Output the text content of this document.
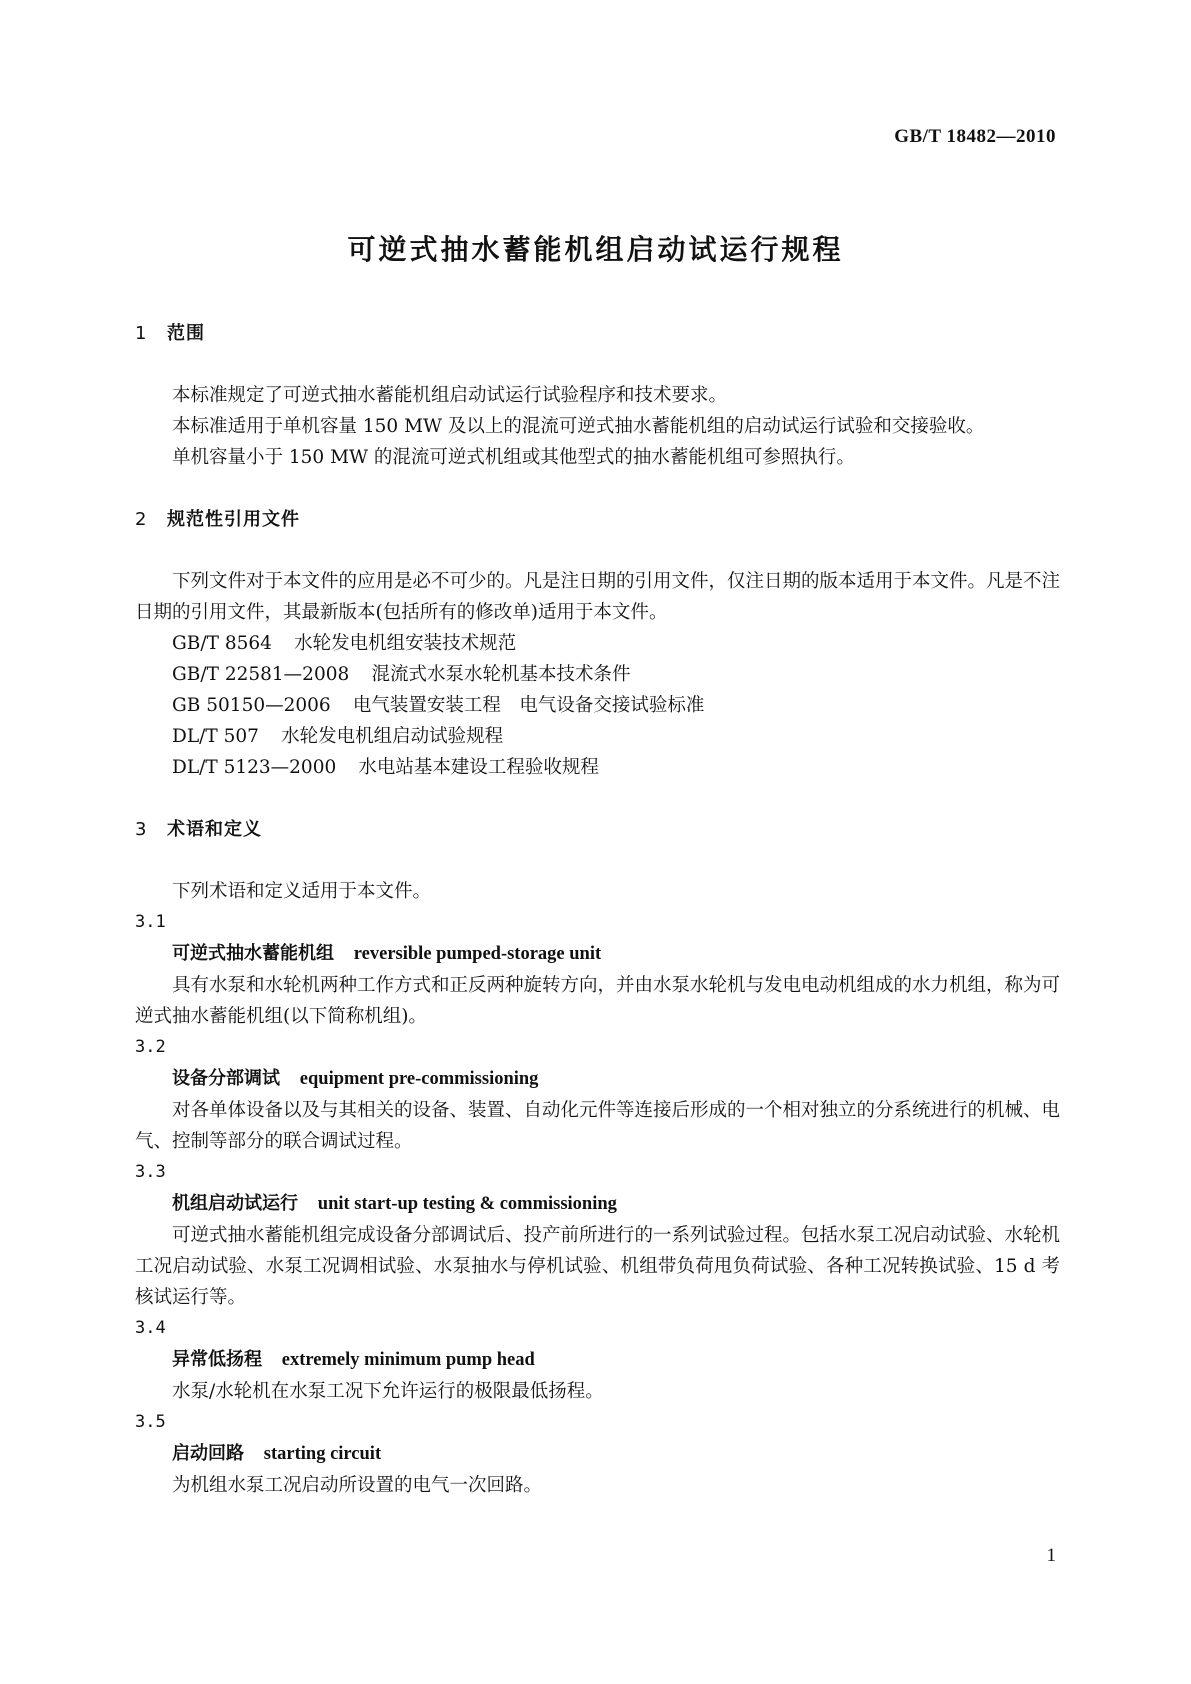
GB/T 18482—2010
可逆式抽水蓄能机组启动试运行规程
1 范围

本标准规定了可逆式抽水蓄能机组启动试运行试验程序和技术要求。

本标准适用于单机容量 150 MW 及以上的混流可逆式抽水蓄能机组的启动试运行试验和交接验收。

单机容量小于 150 MW 的混流可逆式机组或其他型式的抽水蓄能机组可参照执行。

2 规范性引用文件

下列文件对于本文件的应用是必不可少的。凡是注日期的引用文件，仅注日期的版本适用于本文件。凡是不注日期的引用文件，其最新版本(包括所有的修改单)适用于本文件。

GB/T 8564 水轮发电机组安装技术规范

GB/T 22581—2008 混流式水泵水轮机基本技术条件

GB 50150—2006 电气装置安装工程　电气设备交接试验标准

DL/T 507 水轮发电机组启动试验规程

DL/T 5123—2000 水电站基本建设工程验收规程

3 术语和定义

下列术语和定义适用于本文件。

3.1

可逆式抽水蓄能机组 reversible pumped-storage unit

具有水泵和水轮机两种工作方式和正反两种旋转方向，并由水泵水轮机与发电电动机组成的水力机组，称为可逆式抽水蓄能机组(以下简称机组)。

3.2

设备分部调试 equipment pre-commissioning

对各单体设备以及与其相关的设备、装置、自动化元件等连接后形成的一个相对独立的分系统进行的机械、电气、控制等部分的联合调试过程。

3.3

机组启动试运行 unit start-up testing & commissioning

可逆式抽水蓄能机组完成设备分部调试后、投产前所进行的一系列试验过程。包括水泵工况启动试验、水轮机工况启动试验、水泵工况调相试验、水泵抽水与停机试验、机组带负荷甩负荷试验、各种工况转换试验、15 d 考核试运行等。

3.4

异常低扬程 extremely minimum pump head

水泵/水轮机在水泵工况下允许运行的极限最低扬程。

3.5

启动回路 starting circuit

为机组水泵工况启动所设置的电气一次回路。

1
